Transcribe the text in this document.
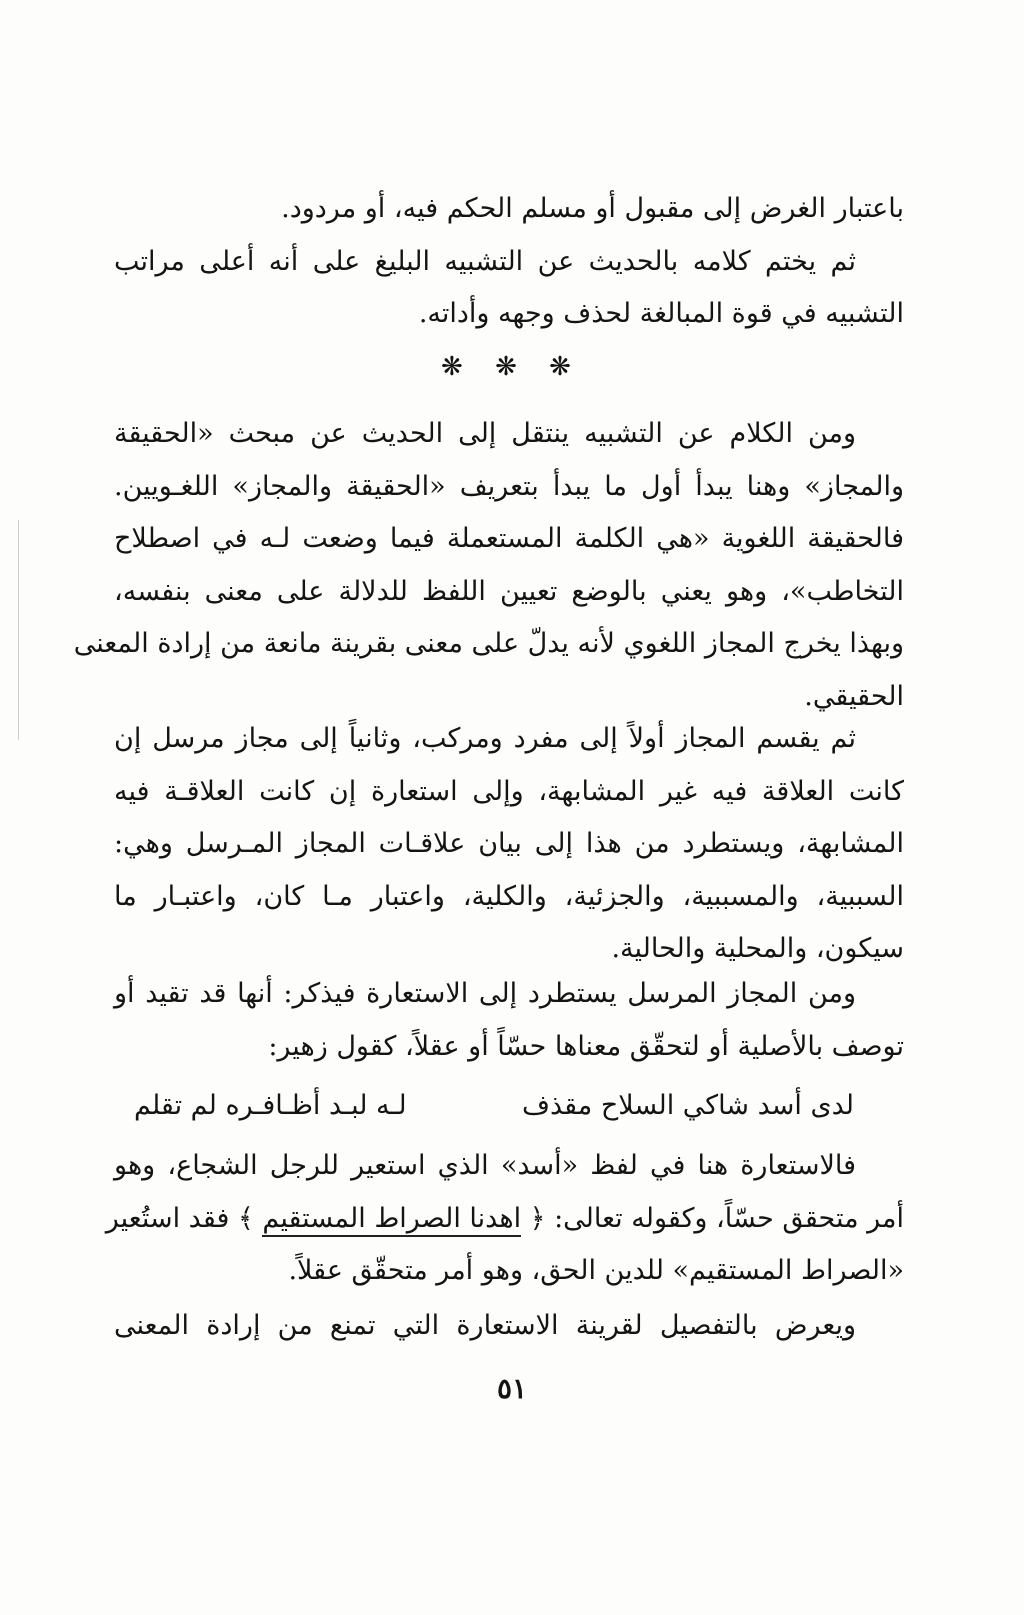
باعتبار الغرض إلى مقبول أو مسلم الحكم فيه، أو مردود.
ثم يختم كلامه بالحديث عن التشبيه البليغ على أنه أعلى مراتب
التشبيه في قوة المبالغة لحذف وجهه وأداته.
❋ ❋ ❋
ومن الكلام عن التشبيه ينتقل إلى الحديث عن مبحث «الحقيقة
والمجاز» وهنا يبدأ أول ما يبدأ بتعريف «الحقيقة والمجاز» اللغـويين.
فالحقيقة اللغوية «هي الكلمة المستعملة فيما وضعت لـه في اصطلاح
التخاطب»، وهو يعني بالوضع تعيين اللفظ للدلالة على معنى بنفسه،
وبهذا يخرج المجاز اللغوي لأنه يدلّ على معنى بقرينة مانعة من إرادة المعنى
الحقيقي.
ثم يقسم المجاز أولاً إلى مفرد ومركب، وثانياً إلى مجاز مرسل إن
كانت العلاقة فيه غير المشابهة، وإلى استعارة إن كانت العلاقـة فيه
المشابهة، ويستطرد من هذا إلى بيان علاقـات المجاز المـرسل وهي:
السببية، والمسببية، والجزئية، والكلية، واعتبار مـا كان، واعتبـار ما
سيكون، والمحلية والحالية.
ومن المجاز المرسل يستطرد إلى الاستعارة فيذكر: أنها قد تقيد أو
توصف بالأصلية أو لتحقّق معناها حسّاً أو عقلاً، كقول زهير:
لدى أسد شاكي السلاح مقذف
لـه لبـد أظـافـره لم تقلم
فالاستعارة هنا في لفظ «أسد» الذي استعير للرجل الشجاع، وهو
أمر متحقق حسّاً، وكقوله تعالى: ﴿ اهدنا الصراط المستقيم ﴾ فقد استُعير
«الصراط المستقيم» للدين الحق، وهو أمر متحقّق عقلاً.
ويعرض بالتفصيل لقرينة الاستعارة التي تمنع من إرادة المعنى
٥١
